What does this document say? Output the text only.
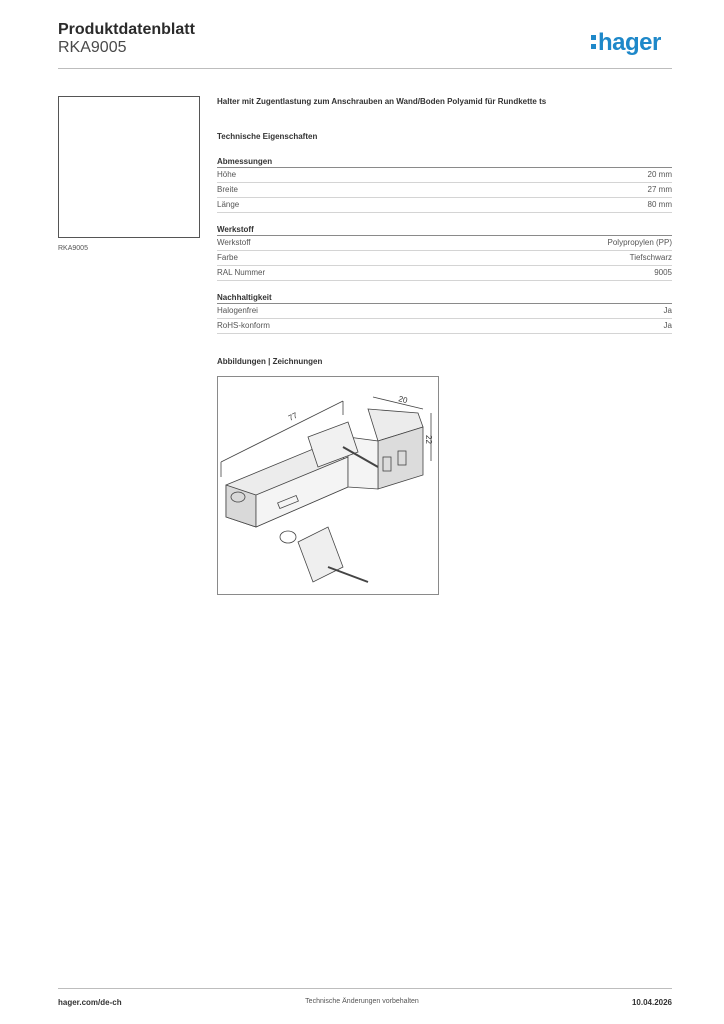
Produktdatenblatt
RKA9005	hager
RKA9005
Halter mit Zugentlastung zum Anschrauben an Wand/Boden Polyamid für Rundkette ts
Technische Eigenschaften
Abmessungen
Höhe	20 mm
Breite	27 mm
Länge	80 mm
Werkstoff
Werkstoff	Polypropylen (PP)
Farbe	Tiefschwarz
RAL Nummer	9005
Nachhaltigkeit
Halogenfrei	Ja
RoHS-konform	Ja
Abbildungen | Zeichnungen
77
20
22
hager.com/de-ch	Technische Änderungen vorbehalten	10.04.2026
